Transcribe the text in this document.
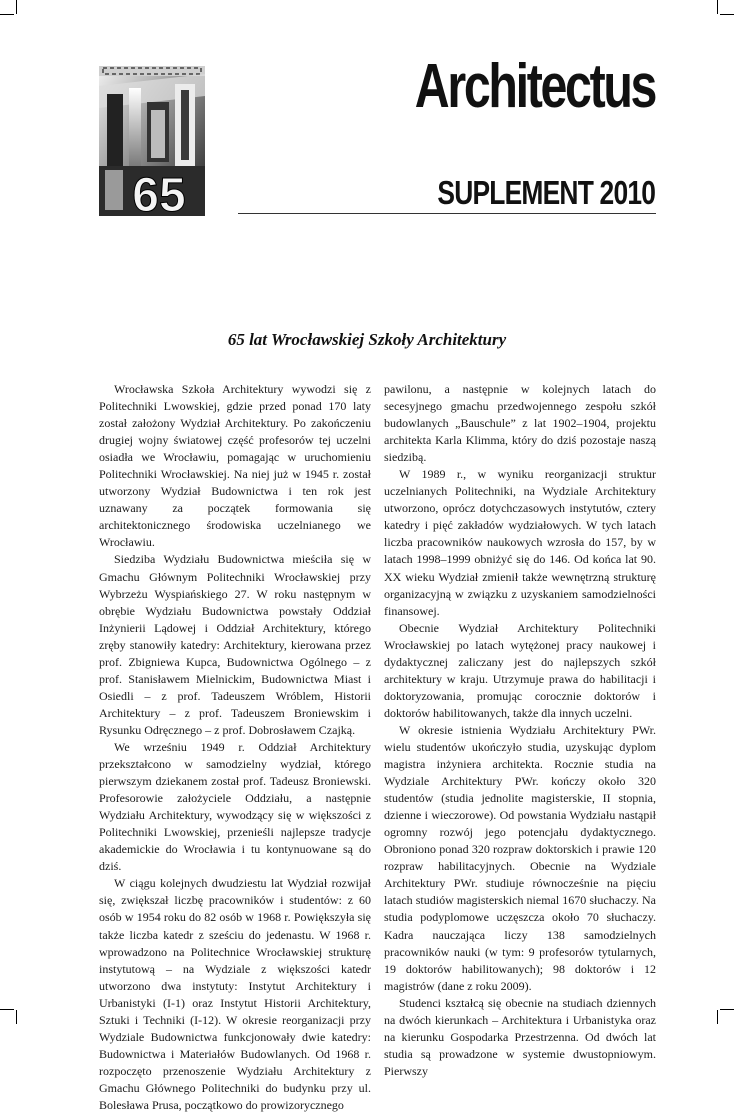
65
Architectus
SUPLEMENT 2010
65 lat Wrocławskiej Szkoły Architektury

Wrocławska Szkoła Architektury wywodzi się z Politechniki Lwowskiej, gdzie przed ponad 170 laty został założony Wydział Architektury. Po zakończeniu drugiej wojny światowej część profesorów tej uczelni osiadła we Wrocławiu, pomagając w uruchomieniu Politechniki Wrocławskiej. Na niej już w 1945 r. został utworzony Wydział Budownictwa i ten rok jest uznawany za początek formowania się architektonicznego środowiska uczelnianego we Wrocławiu.

Siedziba Wydziału Budownictwa mieściła się w Gmachu Głównym Politechniki Wrocławskiej przy Wybrzeżu Wyspiańskiego 27. W roku następnym w obrębie Wydziału Budownictwa powstały Oddział Inżynierii Lądowej i Oddział Architektury, którego zręby stanowiły katedry: Architektury, kierowana przez prof. Zbigniewa Kupca, Budownictwa Ogólnego – z prof. Stanisławem Mielnickim, Budownictwa Miast i Osiedli – z prof. Tadeuszem Wróblem, Historii Architektury – z prof. Tadeuszem Broniewskim i Rysunku Odręcznego – z prof. Dobrosławem Czajką.

We wrześniu 1949 r. Oddział Architektury przekształcono w samodzielny wydział, którego pierwszym dziekanem został prof. Tadeusz Broniewski. Profesorowie założyciele Oddziału, a następnie Wydziału Architektury, wywodzący się w większości z Politechniki Lwowskiej, przenieśli najlepsze tradycje akademickie do Wrocławia i tu kontynuowane są do dziś.

W ciągu kolejnych dwudziestu lat Wydział rozwijał się, zwiększał liczbę pracowników i studentów: z 60 osób w 1954 roku do 82 osób w 1968 r. Powiększyła się także liczba katedr z sześciu do jedenastu. W 1968 r. wprowadzono na Politechnice Wrocławskiej strukturę instytutową – na Wydziale z większości katedr utworzono dwa instytuty: Instytut Architektury i Urbanistyki (I-1) oraz Instytut Historii Architektury, Sztuki i Techniki (I-12). W okresie reorganizacji przy Wydziale Budownictwa funkcjonowały dwie katedry: Budownictwa i Materiałów Budowlanych. Od 1968 r. rozpoczęto przenoszenie Wydziału Architektury z Gmachu Głównego Politechniki do budynku przy ul. Bolesława Prusa, początkowo do prowizorycznego

pawilonu, a następnie w kolejnych latach do secesyjnego gmachu przedwojennego zespołu szkół budowlanych „Bauschule” z lat 1902–1904, projektu architekta Karla Klimma, który do dziś pozostaje naszą siedzibą.

W 1989 r., w wyniku reorganizacji struktur uczelnianych Politechniki, na Wydziale Architektury utworzono, oprócz dotychczasowych instytutów, cztery katedry i pięć zakładów wydziałowych. W tych latach liczba pracowników naukowych wzrosła do 157, by w latach 1998–1999 obniżyć się do 146. Od końca lat 90. XX wieku Wydział zmienił także wewnętrzną strukturę organizacyjną w związku z uzyskaniem samodzielności finansowej.

Obecnie Wydział Architektury Politechniki Wrocławskiej po latach wytężonej pracy naukowej i dydaktycznej zaliczany jest do najlepszych szkół architektury w kraju. Utrzymuje prawa do habilitacji i doktoryzowania, promując corocznie doktorów i doktorów habilitowanych, także dla innych uczelni.

W okresie istnienia Wydziału Architektury PWr. wielu studentów ukończyło studia, uzyskując dyplom magistra inżyniera architekta. Rocznie studia na Wydziale Architektury PWr. kończy około 320 studentów (studia jednolite magisterskie, II stopnia, dzienne i wieczorowe). Od powstania Wydziału nastąpił ogromny rozwój jego potencjału dydaktycznego. Obroniono ponad 320 rozpraw doktorskich i prawie 120 rozpraw habilitacyjnych. Obecnie na Wydziale Architektury PWr. studiuje równocześnie na pięciu latach studiów magisterskich niemal 1670 słuchaczy. Na studia podyplomowe uczęszcza około 70 słuchaczy. Kadra nauczająca liczy 138 samodzielnych pracowników nauki (w tym: 9 profesorów tytularnych, 19 doktorów habilitowanych); 98 doktorów i 12 magistrów (dane z roku 2009).

Studenci kształcą się obecnie na studiach dziennych na dwóch kierunkach – Architektura i Urbanistyka oraz na kierunku Gospodarka Przestrzenna. Od dwóch lat studia są prowadzone w systemie dwustopniowym. Pierwszy
